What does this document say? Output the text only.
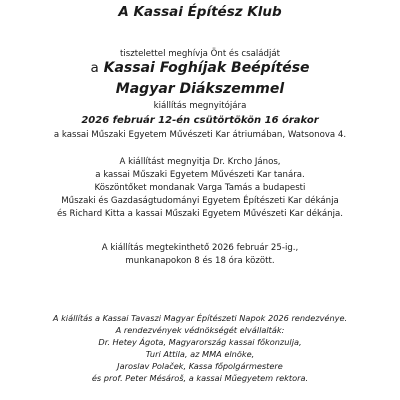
A Kassai Építész Klub
tisztelettel meghívja Önt és családját
a Kassai Foghíjak Beépítése
Magyar Diákszemmel
kiállítás megnyitójára
2026 február 12-én csütörtökön 16 órakor
a kassai Műszaki Egyetem Művészeti Kar átriumában, Watsonova 4.
A kiállítást megnyitja Dr. Krcho János,
a kassai Műszaki Egyetem Művészeti Kar tanára.
Köszöntőket mondanak Varga Tamás a budapesti
Műszaki és Gazdaságtudományi Egyetem Építészeti Kar dékánja
és Richard Kitta a kassai Műszaki Egyetem Művészeti Kar dékánja.
A kiállítás megtekinthető 2026 február 25-ig.,
munkanapokon 8 és 18 óra között.
A kiállítás a Kassai Tavaszi Magyar Építészeti Napok 2026 rendezvénye.
A rendezvények védnökségét elvállalták:
Dr. Hetey Ágota, Magyarország kassai főkonzulja,
Turi Attila, az MMA elnöke,
Jaroslav Polaček, Kassa főpolgármestere
és prof. Peter Mésároš, a kassai Műegyetem rektora.
